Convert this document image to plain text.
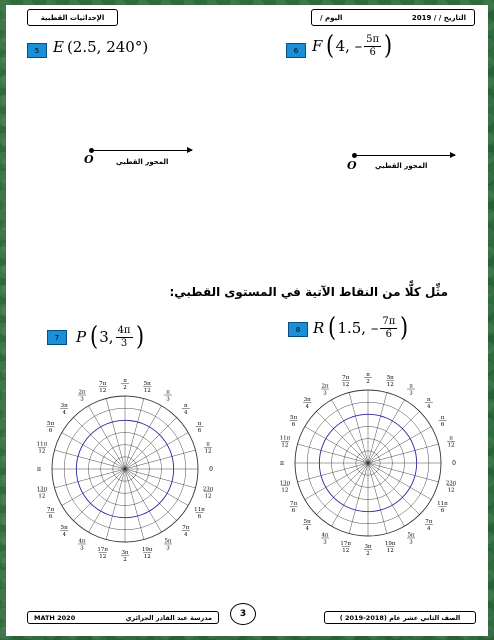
الإحداثيات القطبية	التاريخ 2019 / /
اليوم /
5 E (2.5, 240°)	6 F ( 4, – $\frac{5\pi}{6}$ )
O	المحور القطبي	O	المحور القطبي
مثِّل كلًّا من النقاط الآتية في المستوى القطبي:
7	P ( 3, $\frac{4\pi}{3}$ )	8 R ( 1.5, – $\frac{7\pi}{6}$ )
π
2
5π
12	π
3
π
4
π
6
π
12
0
23π
12
11π
6
7π
4
5π
3
19π
12
3π
2
17π
12
4π
3
5π
4
7π
6
13π
12
π
11π
12
5π
6
3π
4
2π
3
7π
12
π
2
5π
12	π
3
π
4
π
6
π
12
0
23π
12
11π
6
7π
4
5π
3
19π
12
3π
2
17π
12
4π
3
5π
4
7π
6
13π
12
π
11π
12
5π
6
3π
4
2π
3
7π
12
مدرسة عبد القادر الجزائري
MATH 2020	3	الصف الثاني عشر عام (2018-2019 )
